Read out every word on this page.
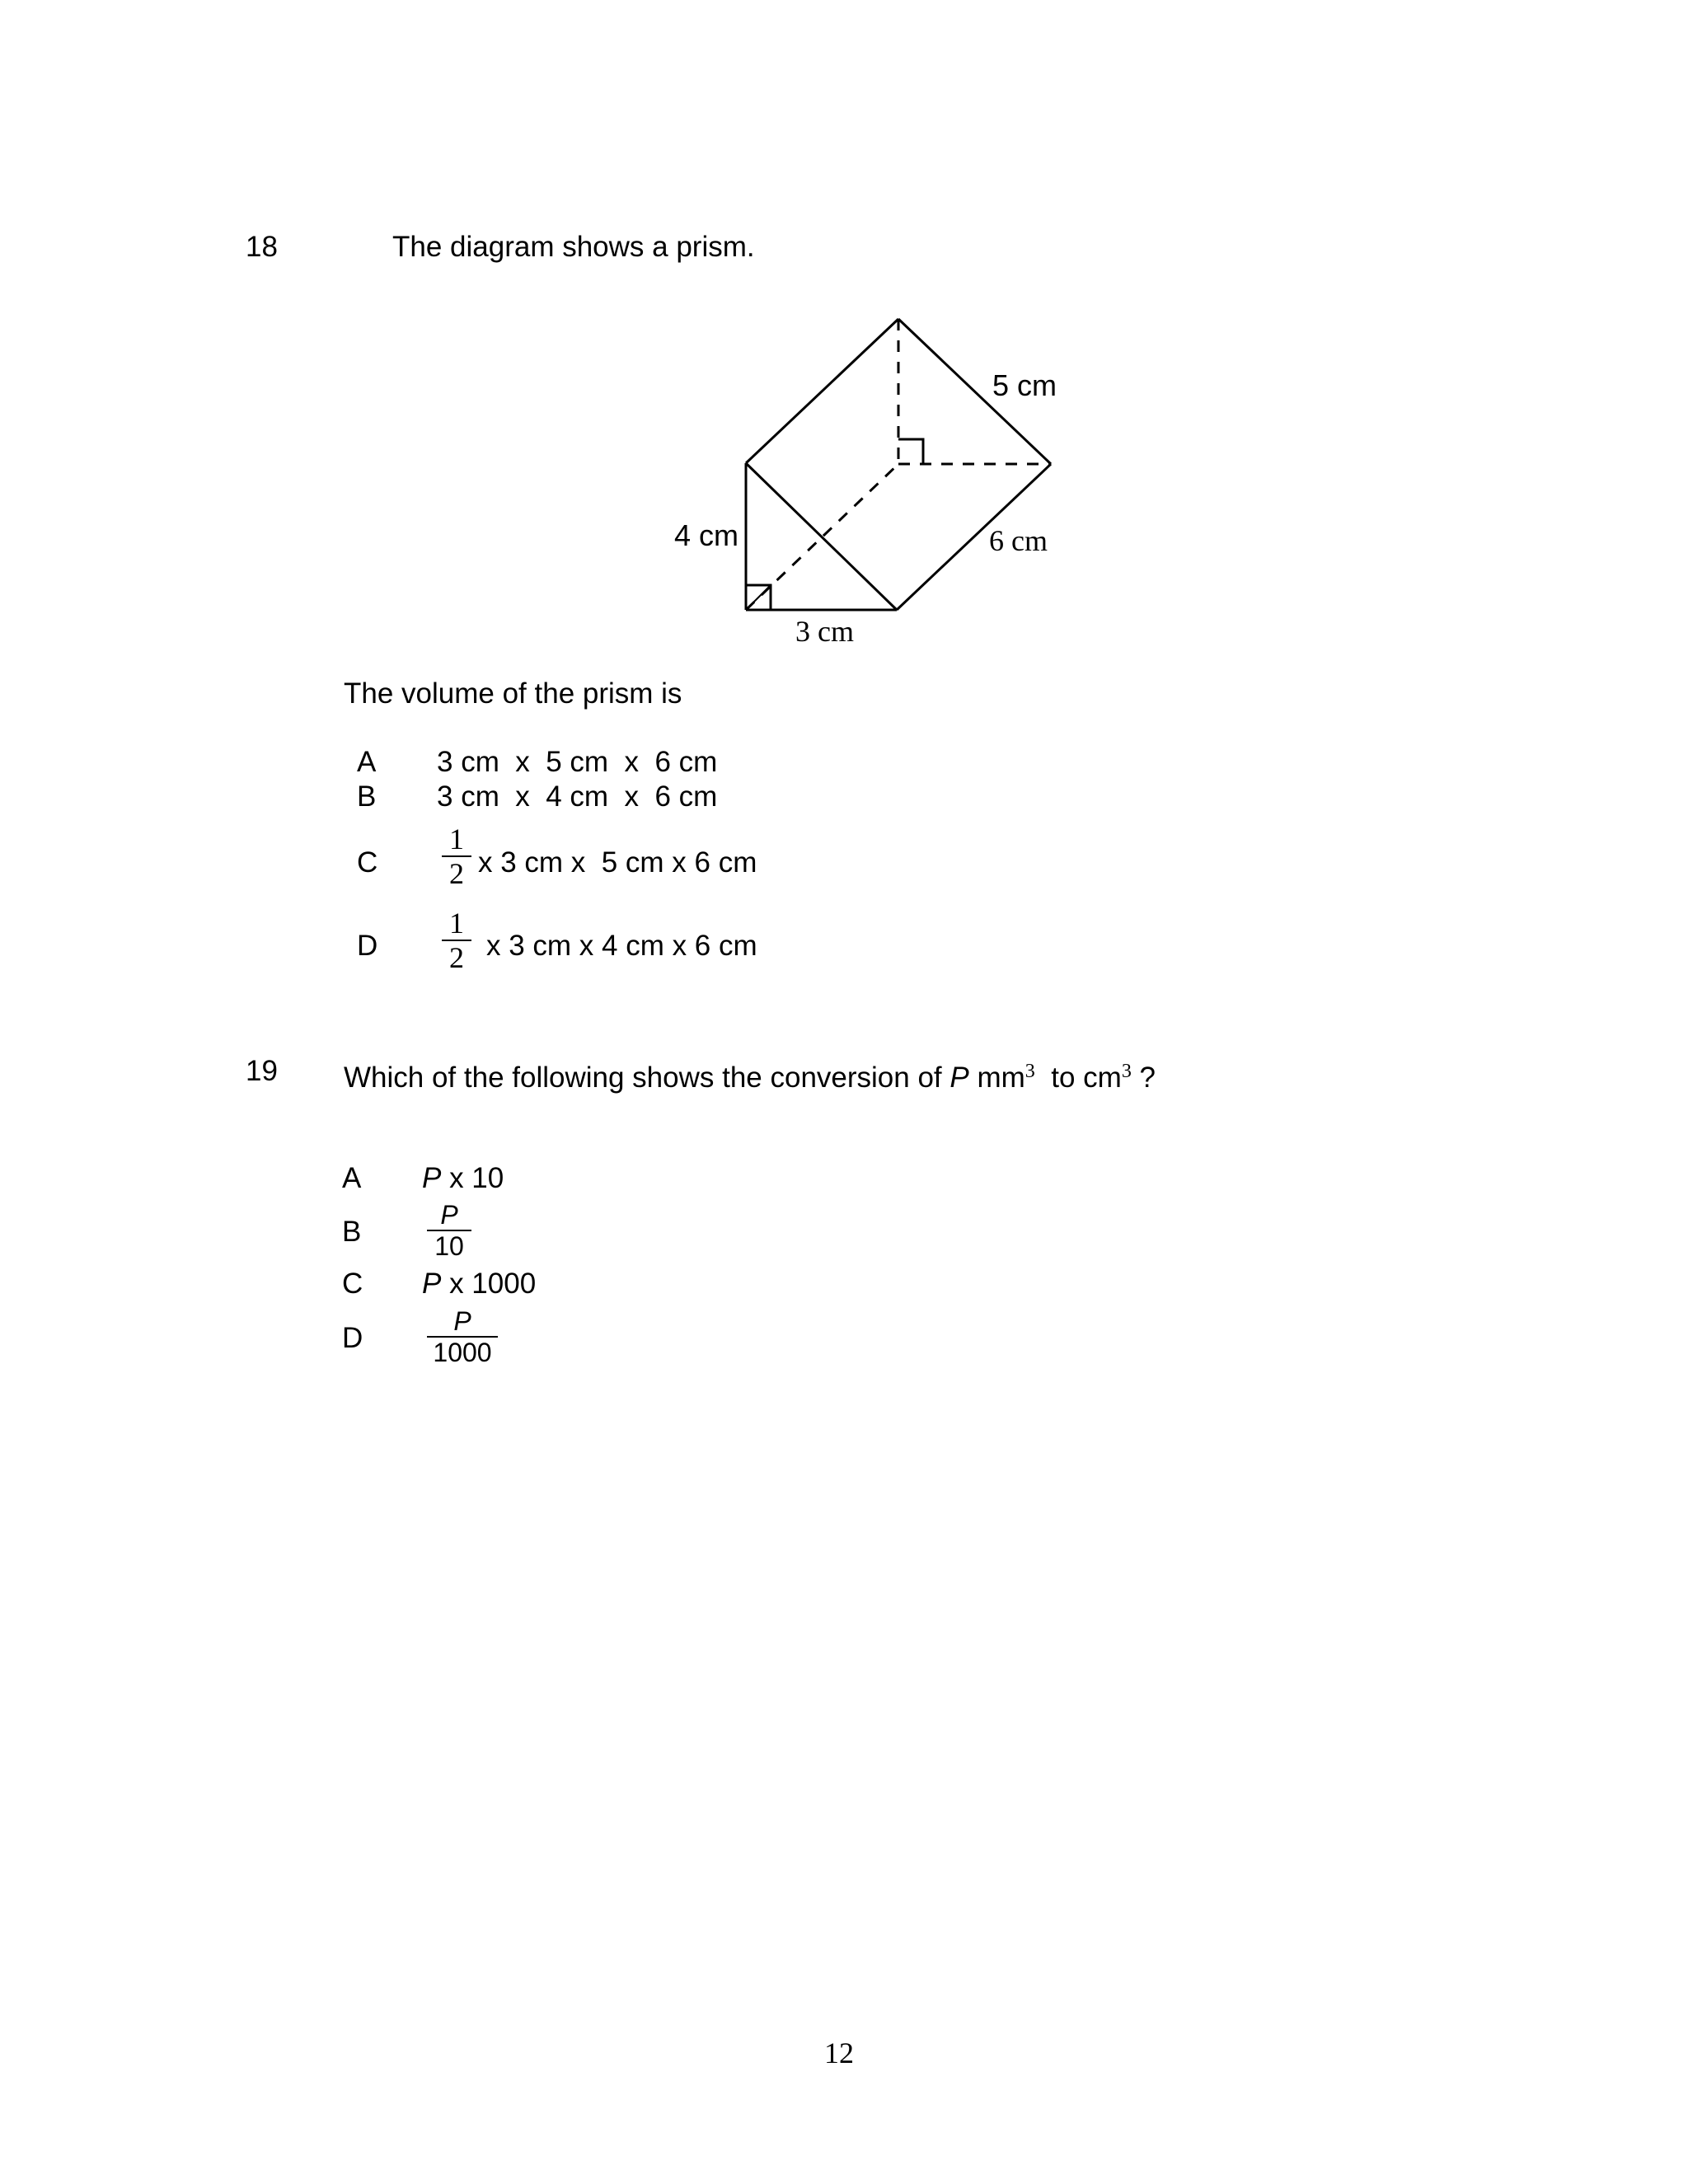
18	The diagram shows a prism.
4 cm
5 cm
6 cm
3 cm
The volume of the prism is
A 3 cm  x  5 cm  x  6 cm
B 3 cm  x  4 cm  x  6 cm
C
1
2 x 3 cm x  5 cm x 6 cm
D
1
2 x 3 cm x 4 cm x 6 cm
19 Which of the following shows the conversion of P $mm^3$  to $cm^3$ ?
A P x 10
B
P
10
C P x 1000
D
P
1000
12
